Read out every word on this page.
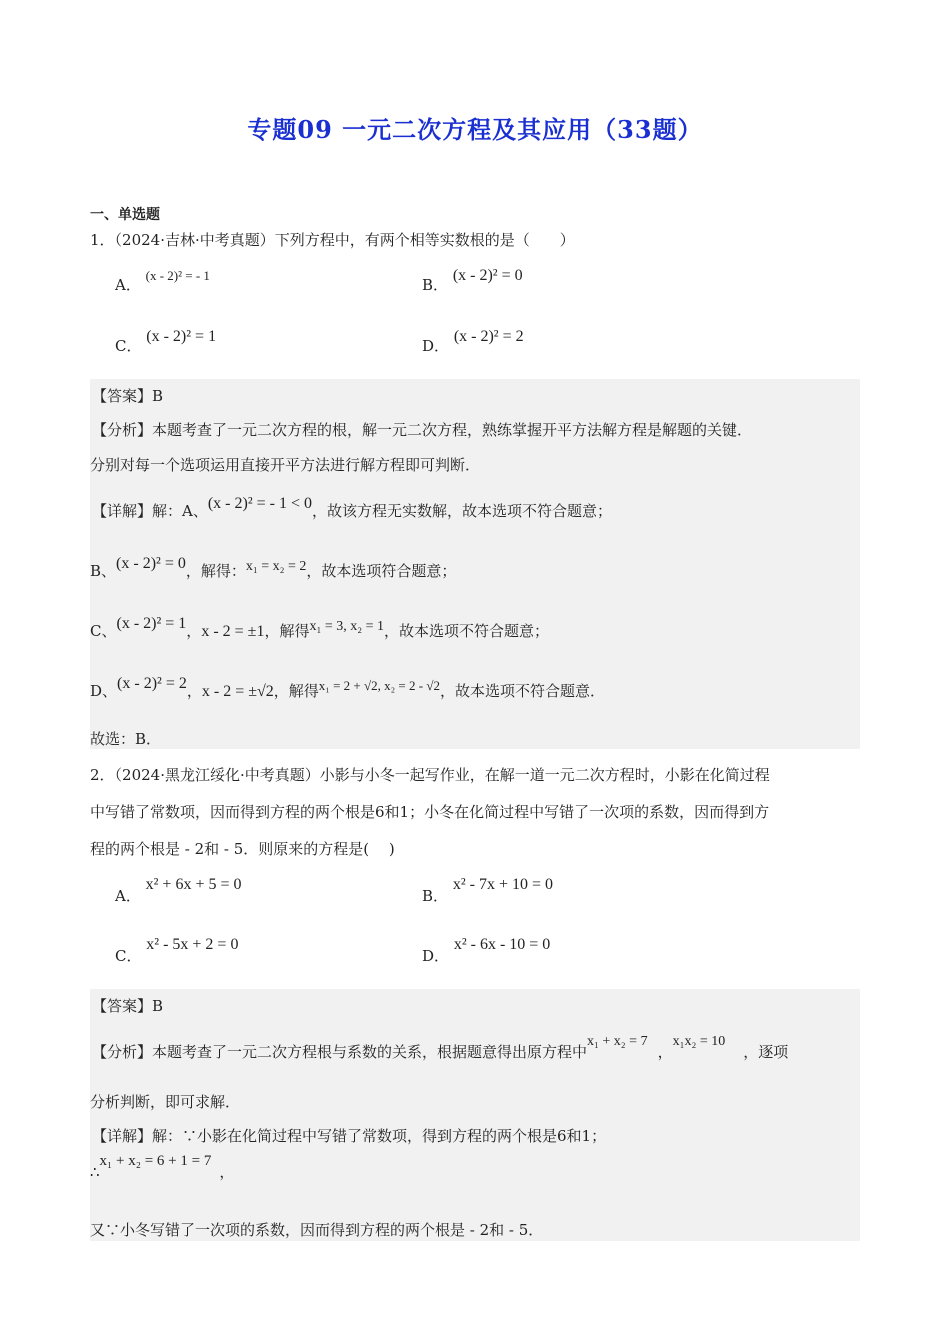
专题09 一元二次方程及其应用（33题）
一、单选题
1．（2024·吉林·中考真题）下列方程中，有两个相等实数根的是（　　）
A． (x - 2)² = - 1
B． (x - 2)² = 0
C． (x - 2)² = 1
D． (x - 2)² = 2
【答案】B
【分析】本题考查了一元二次方程的根，解一元二次方程，熟练掌握开平方法解方程是解题的关键．
分别对每一个选项运用直接开平方法进行解方程即可判断．
【详解】解：A、(x - 2)² = - 1 < 0，故该方程无实数解，故本选项不符合题意；
B、(x - 2)² = 0，解得：x₁ = x₂ = 2，故本选项符合题意；
C、(x - 2)² = 1，x - 2 = ±1，解得x₁ = 3, x₂ = 1，故本选项不符合题意；
D、(x - 2)² = 2，x - 2 = ±√2，解得x₁ = 2 + √2, x₂ = 2 - √2，故本选项不符合题意．
故选：B．
2．（2024·黑龙江绥化·中考真题）小影与小冬一起写作业，在解一道一元二次方程时，小影在化简过程
中写错了常数项，因而得到方程的两个根是6和1；小冬在化简过程中写错了一次项的系数，因而得到方
程的两个根是 - 2和 - 5．则原来的方程是(　 )
A． x² + 6x + 5 = 0
B． x² - 7x + 10 = 0
C． x² - 5x + 2 = 0
D． x² - 6x - 10 = 0
【答案】B
【分析】本题考查了一元二次方程根与系数的关系，根据题意得出原方程中x₁ + x₂ = 7，x₁x₂ = 10，逐项
分析判断，即可求解．
【详解】解：∵小影在化简过程中写错了常数项，得到方程的两个根是6和1；
∴x₁ + x₂ = 6 + 1 = 7，
又∵小冬写错了一次项的系数，因而得到方程的两个根是 - 2和 - 5．
